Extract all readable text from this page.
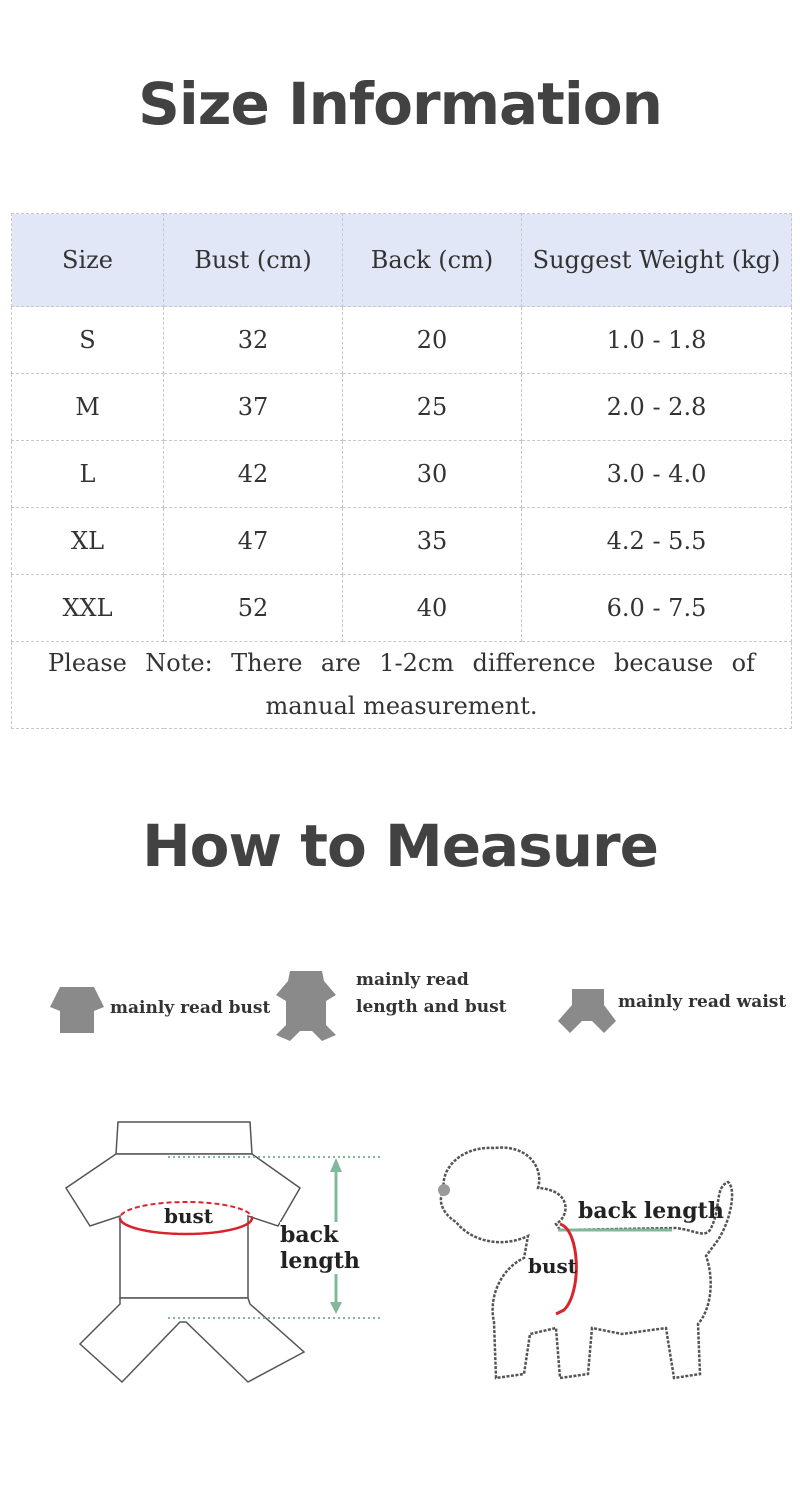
Size Information
Size	Bust (cm)	Back (cm)	Suggest Weight (kg)
S	32	20	1.0 - 1.8
M	37	25	2.0 - 2.8
L	42	30	3.0 - 4.0
XL	47	35	4.2 - 5.5
XXL	52	40	6.0 - 7.5
Please Note: There are 1-2cm difference because of manual measurement.			
How to Measure
mainly read bust
mainly read
length and bust	mainly read waist
bust
back length
back length
bust
